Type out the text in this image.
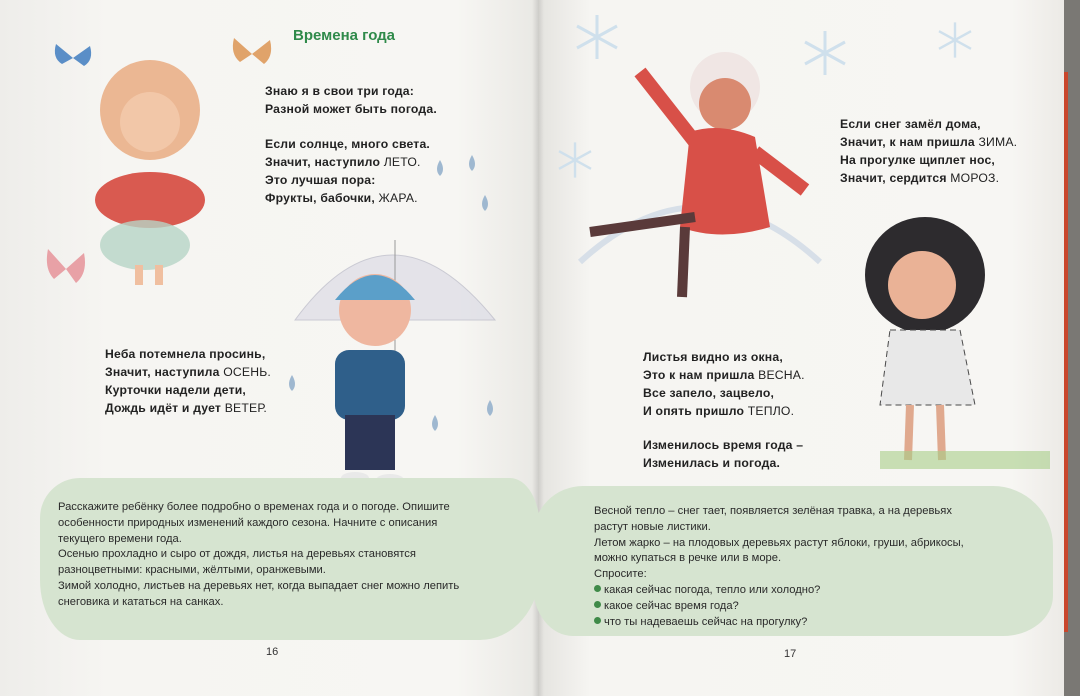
Времена года
Знаю я в свои три года:
Разной может быть погода.
Если солнце, много света.
Значит, наступило ЛЕТО.
Это лучшая пора:
Фрукты, бабочки, ЖАРА.
Неба потемнела просинь,
Значит, наступила ОСЕНЬ.
Курточки надели дети,
Дождь идёт и дует ВЕТЕР.
Расскажите ребёнку более подробно о временах года и о погоде. Опишите
особенности природных изменений каждого сезона. Начните с описания
текущего времени года.
Осенью прохладно и сыро от дождя, листья на деревьях становятся
разноцветными: красными, жёлтыми, оранжевыми.
Зимой холодно, листьев на деревьях нет, когда выпадает снег можно лепить
снеговика и кататься на санках.
16
Если снег замёл дома,
Значит, к нам пришла ЗИМА.
На прогулке щиплет нос,
Значит, сердится МОРОЗ.
Листья видно из окна,
Это к нам пришла ВЕСНА.
Все запело, зацвело,
И опять пришло ТЕПЛО.
Изменилось время года –
Изменилась и погода.
Весной тепло – снег тает, появляется зелёная травка, а на деревьях
растут новые листики.
Летом жарко – на плодовых деревьях растут яблоки, груши, абрикосы,
можно купаться в речке или в море.
Спросите:
какая сейчас погода, тепло или холодно?
какое сейчас время года?
что ты надеваешь сейчас на прогулку?
17
